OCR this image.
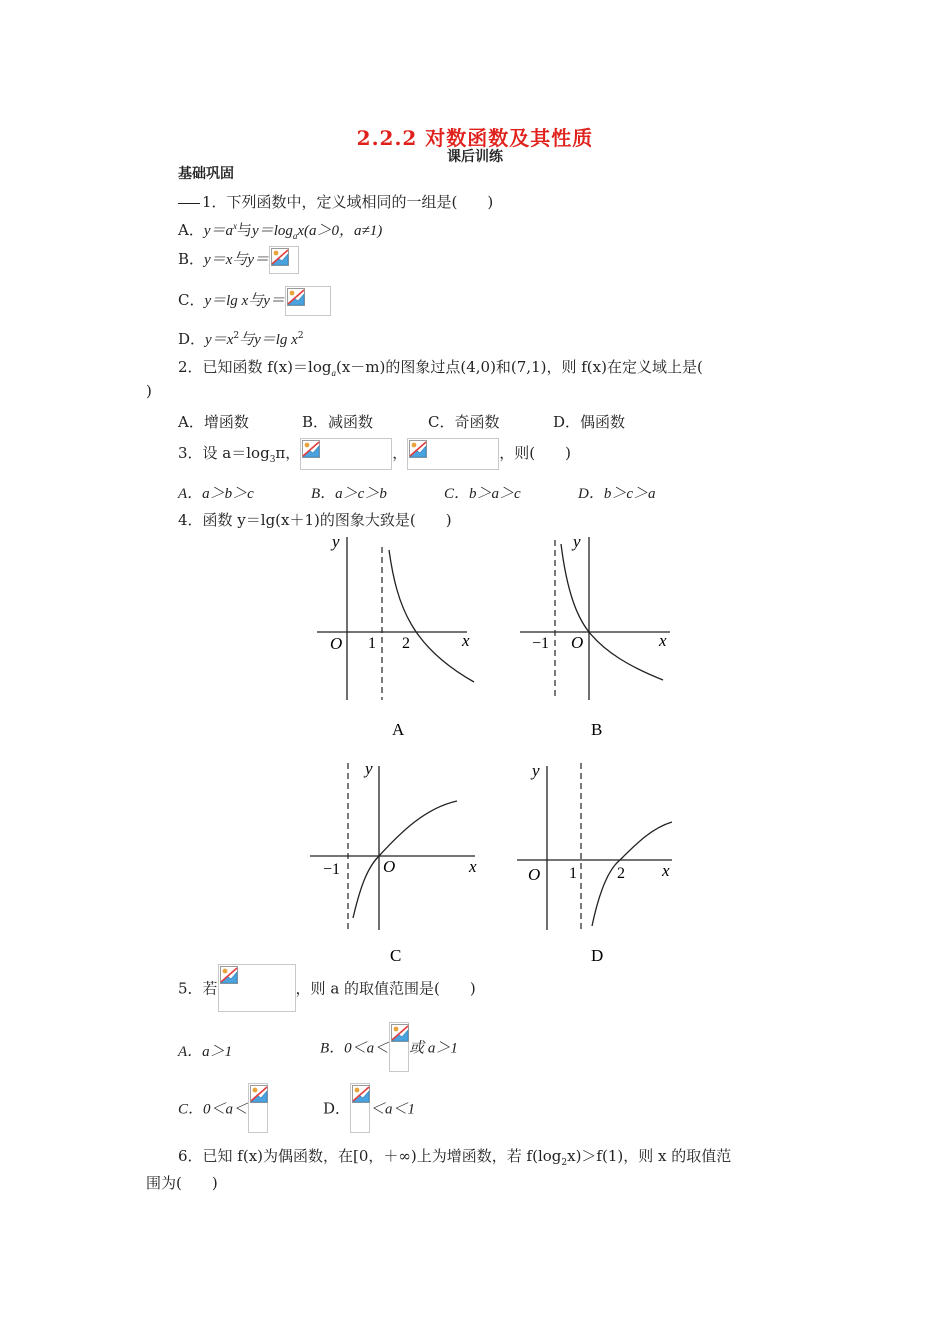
2.2.2 对数函数及其性质
课后训练
基础巩固
1．下列函数中，定义域相同的一组是(　　)
A．$y=a^x$与$y=\log_ax(a>0$，a≠1)
B．y＝x与y＝
C．y＝lg x与y＝
D．$y=x^2$与y＝lg $x^2$
2．已知函数 $f(x)=\log_a(x-m)$的图象过点(4,0)和(7,1)，则 f(x)在定义域上是(
)
A．增函数	B．减函数	C．奇函数	D．偶函数
3．设 $a=\log_3\pi$，	，	，则(　　)
A．a＞b＞c	B．a＞c＞b	C．b＞a＞c	D．b＞c＞a
4．函数 y＝lg(x＋1)的图象大致是(　　)
y
x
O 1 2
A
y
x
O
−1
B
y
x
O
−1
C
y
x
O 1	2
D
5．若	，则 a 的取值范围是(　　)
A．a＞1	B．0＜a＜ 或 a＞1
C．0＜a＜	D． ＜a＜1
6．已知 f(x)为偶函数，在[0，＋∞)上为增函数，若 $f(\log_2x)>f(1)$，则 x 的取值范
围为(　　)
